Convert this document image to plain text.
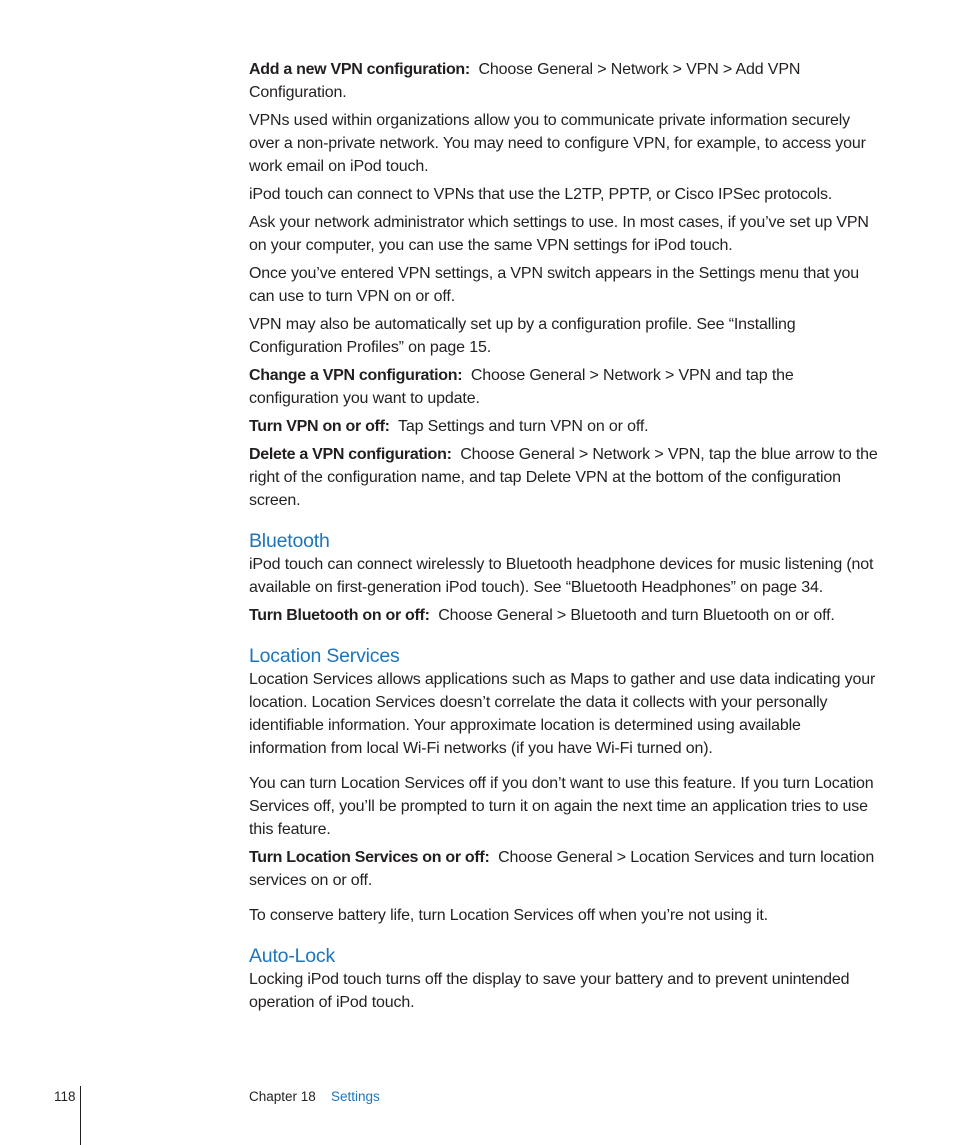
Add a new VPN configuration: Choose General > Network > VPN > Add VPN Configuration.

VPNs used within organizations allow you to communicate private information securely over a non-private network. You may need to configure VPN, for example, to access your work email on iPod touch.

iPod touch can connect to VPNs that use the L2TP, PPTP, or Cisco IPSec protocols.

Ask your network administrator which settings to use. In most cases, if you’ve set up VPN on your computer, you can use the same VPN settings for iPod touch.

Once you’ve entered VPN settings, a VPN switch appears in the Settings menu that you can use to turn VPN on or off.

VPN may also be automatically set up by a configuration profile. See “Installing Configuration Profiles” on page 15.

Change a VPN configuration: Choose General > Network > VPN and tap the configuration you want to update.

Turn VPN on or off: Tap Settings and turn VPN on or off.

Delete a VPN configuration: Choose General > Network > VPN, tap the blue arrow to the right of the configuration name, and tap Delete VPN at the bottom of the configuration screen.

Bluetooth

iPod touch can connect wirelessly to Bluetooth headphone devices for music listening (not available on first-generation iPod touch). See “Bluetooth Headphones” on page 34.

Turn Bluetooth on or off: Choose General > Bluetooth and turn Bluetooth on or off.

Location Services

Location Services allows applications such as Maps to gather and use data indicating your location. Location Services doesn’t correlate the data it collects with your personally identifiable information. Your approximate location is determined using available information from local Wi-Fi networks (if you have Wi-Fi turned on).

You can turn Location Services off if you don’t want to use this feature. If you turn Location Services off, you’ll be prompted to turn it on again the next time an application tries to use this feature.

Turn Location Services on or off: Choose General > Location Services and turn location services on or off.

To conserve battery life, turn Location Services off when you’re not using it.

Auto-Lock

Locking iPod touch turns off the display to save your battery and to prevent unintended operation of iPod touch.

118	Chapter 18 Settings
